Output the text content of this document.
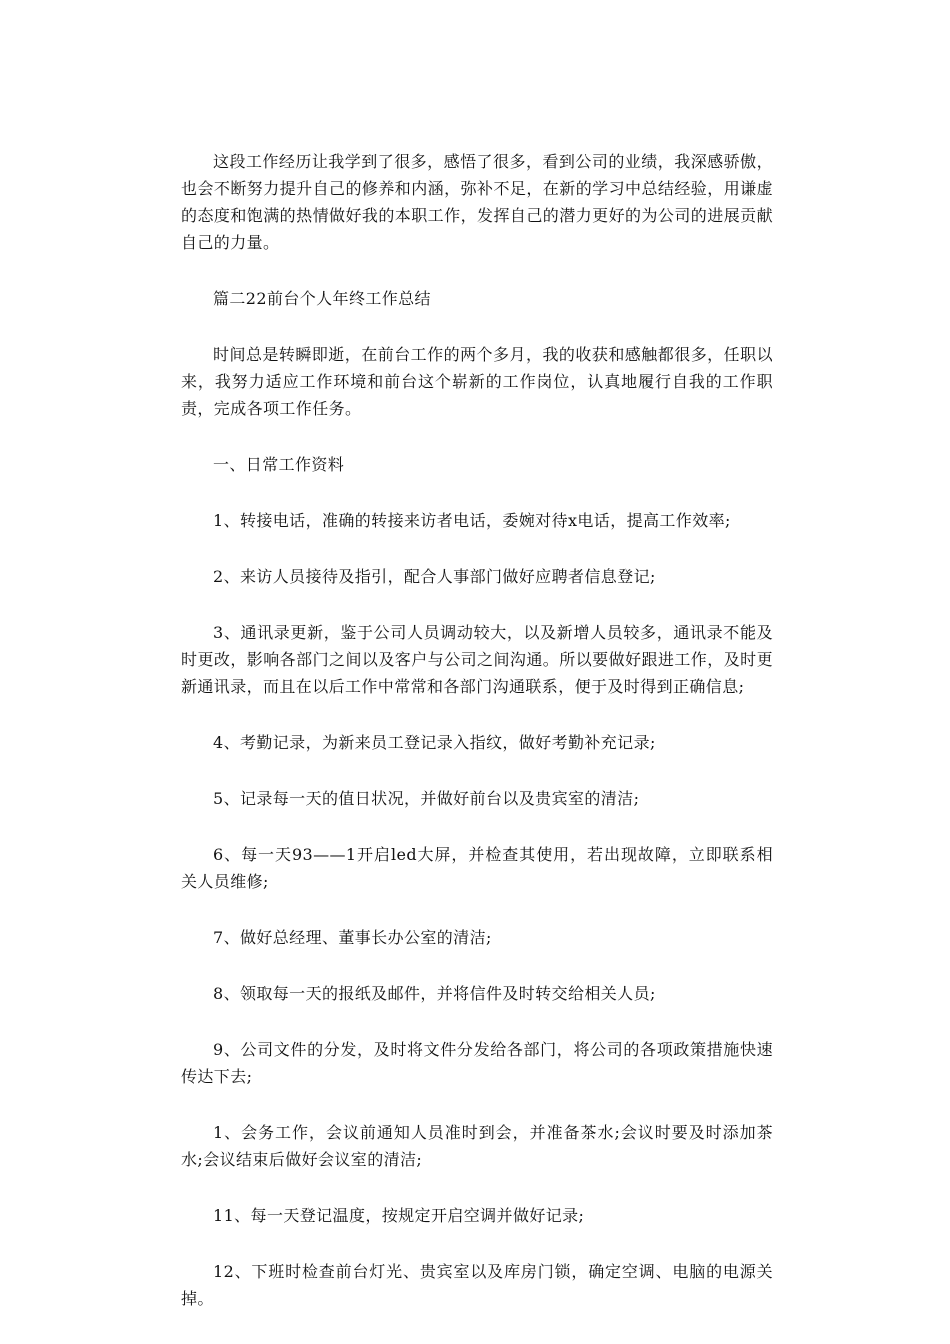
这段工作经历让我学到了很多，感悟了很多，看到公司的业绩，我深感骄傲，也会不断努力提升自己的修养和内涵，弥补不足，在新的学习中总结经验，用谦虚的态度和饱满的热情做好我的本职工作，发挥自己的潜力更好的为公司的进展贡献自己的力量。

篇二22前台个人年终工作总结

时间总是转瞬即逝，在前台工作的两个多月，我的收获和感触都很多，任职以来，我努力适应工作环境和前台这个崭新的工作岗位，认真地履行自我的工作职责，完成各项工作任务。

一、日常工作资料

1、转接电话，准确的转接来访者电话，委婉对待x电话，提高工作效率;

2、来访人员接待及指引，配合人事部门做好应聘者信息登记;

3、通讯录更新，鉴于公司人员调动较大，以及新增人员较多，通讯录不能及时更改，影响各部门之间以及客户与公司之间沟通。所以要做好跟进工作，及时更新通讯录，而且在以后工作中常常和各部门沟通联系，便于及时得到正确信息;

4、考勤记录，为新来员工登记录入指纹，做好考勤补充记录;

5、记录每一天的值日状况，并做好前台以及贵宾室的清洁;

6、每一天93——1开启led大屏，并检查其使用，若出现故障，立即联系相关人员维修;

7、做好总经理、董事长办公室的清洁;

8、领取每一天的报纸及邮件，并将信件及时转交给相关人员;

9、公司文件的分发，及时将文件分发给各部门，将公司的各项政策措施快速传达下去;

1、会务工作，会议前通知人员准时到会，并准备茶水;会议时要及时添加茶水;会议结束后做好会议室的清洁;

11、每一天登记温度，按规定开启空调并做好记录;

12、下班时检查前台灯光、贵宾室以及库房门锁，确定空调、电脑的电源关掉。
